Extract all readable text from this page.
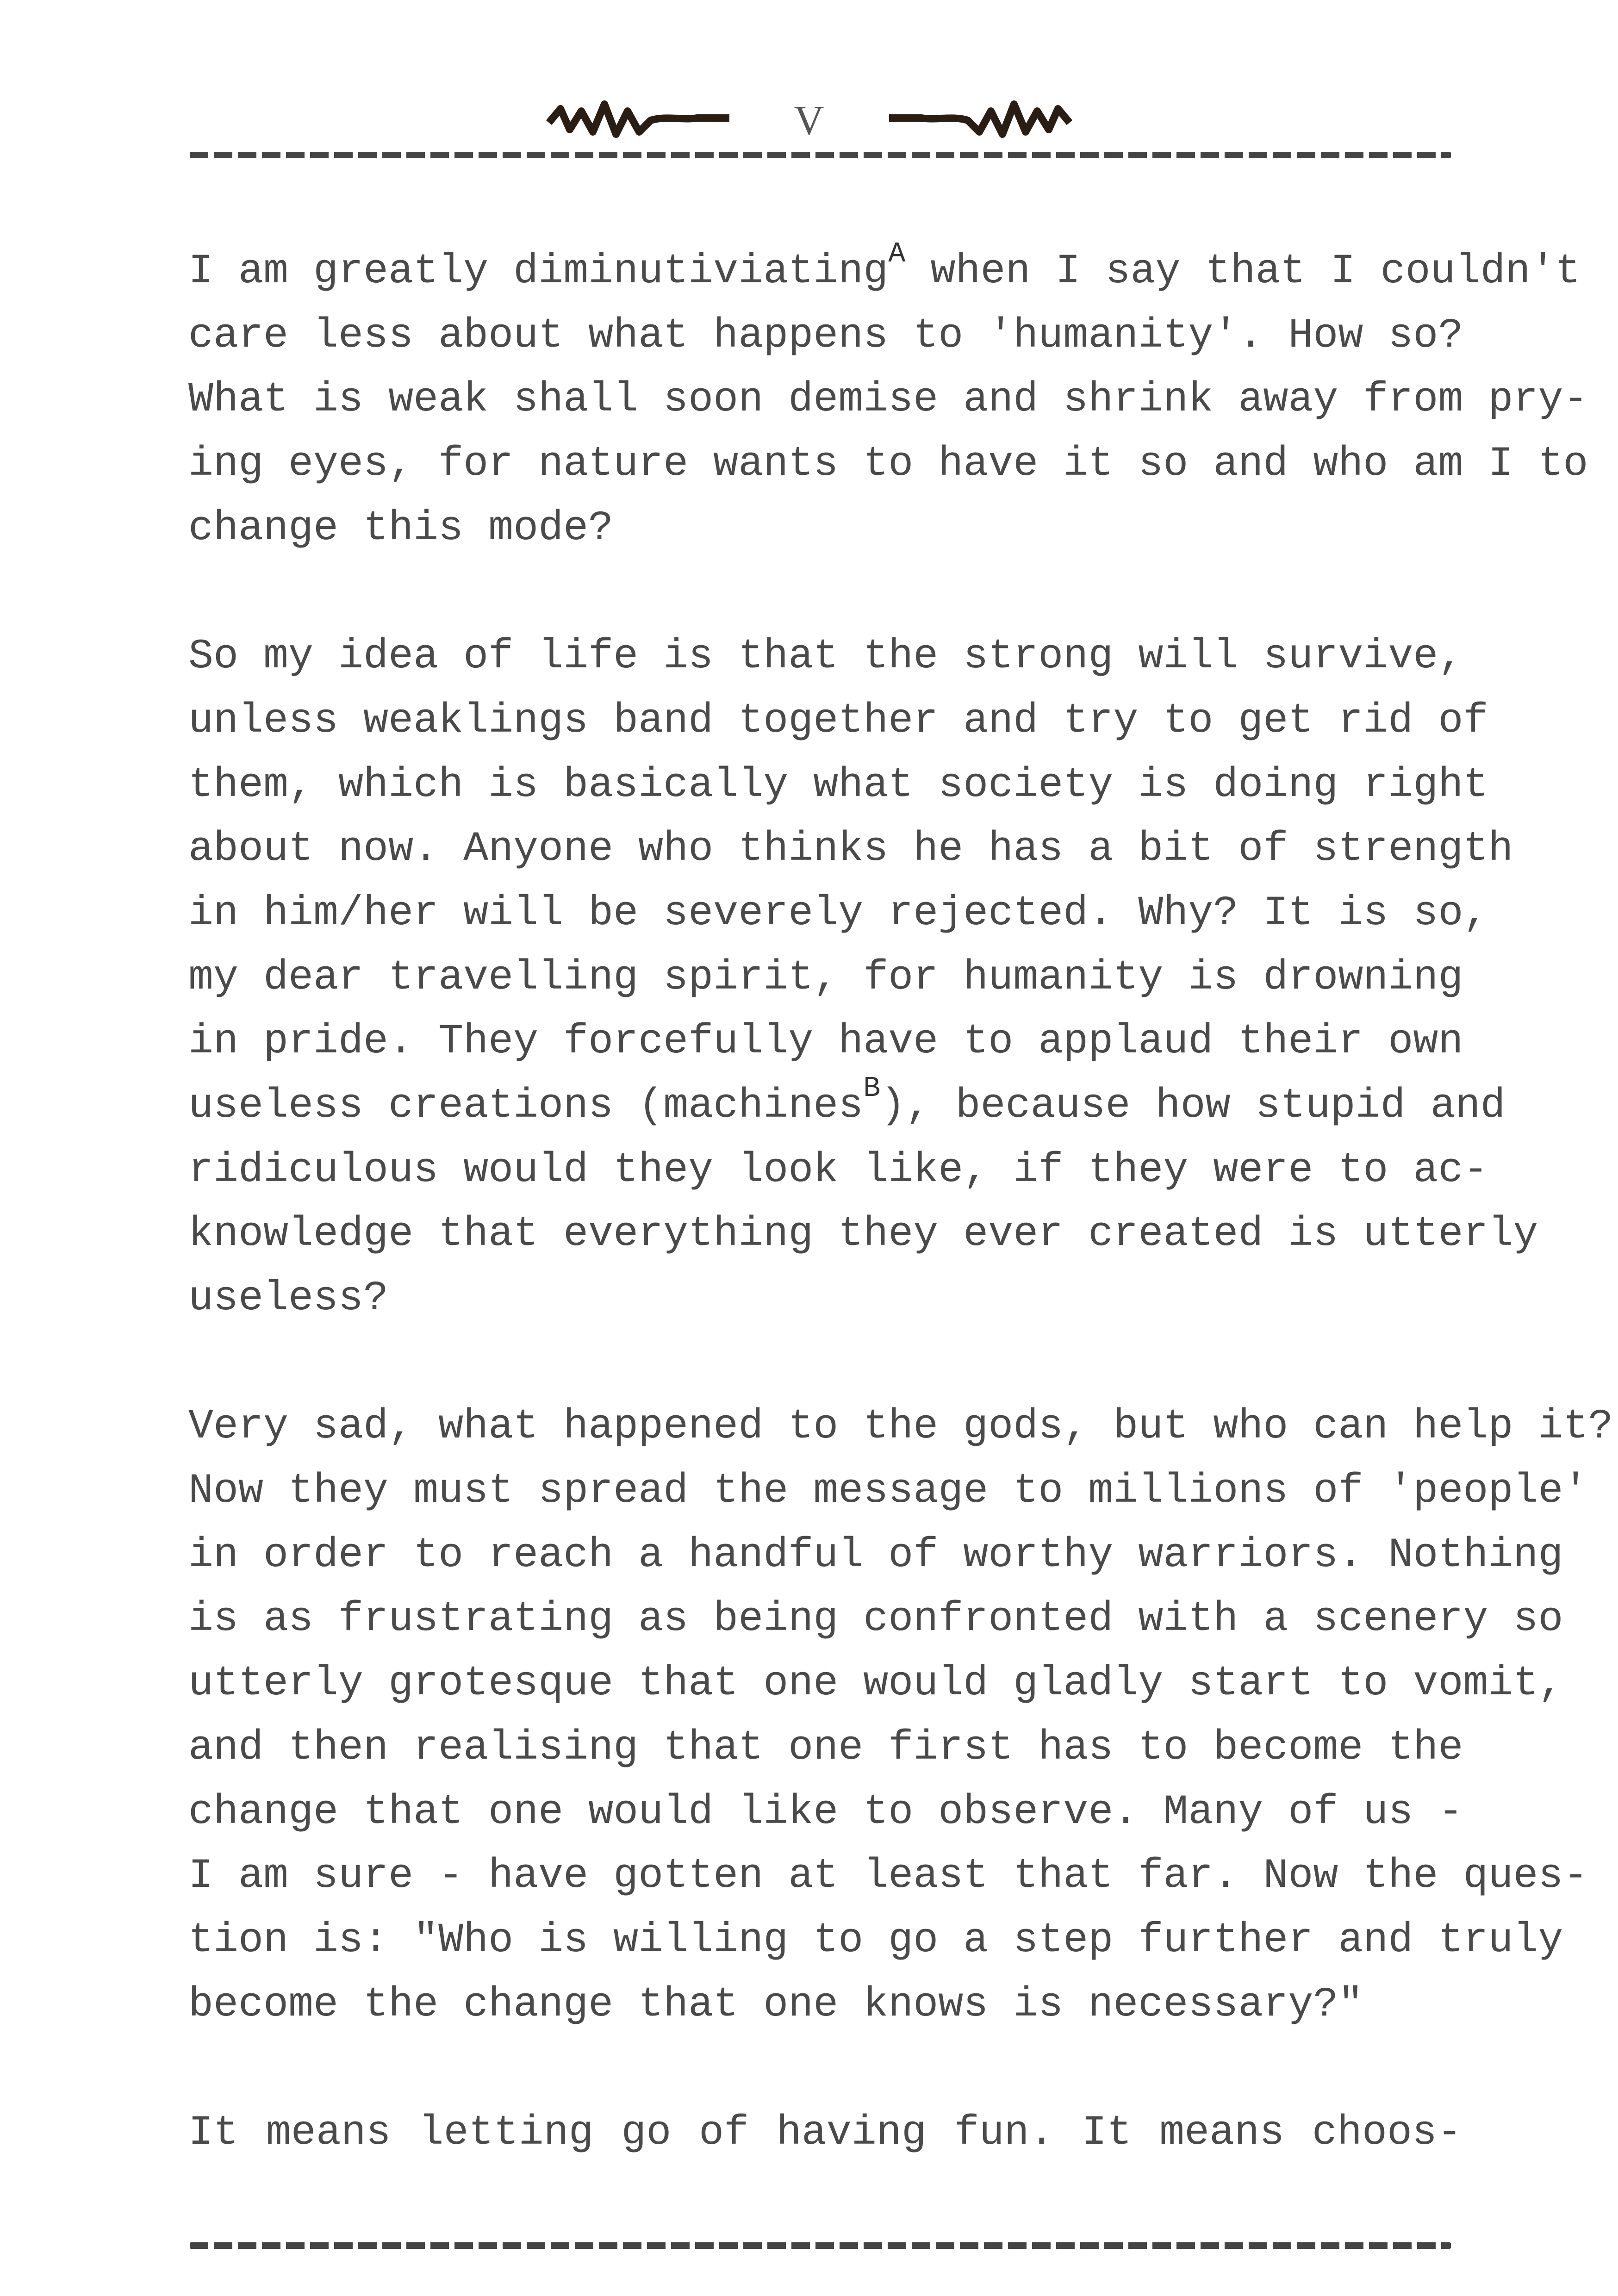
V
I am greatly diminutiviating$^A$ when I say that I couldn't
care less about what happens to 'humanity'. How so?
What is weak shall soon demise and shrink away from pry-
ing eyes, for nature wants to have it so and who am I to
change this mode?
So my idea of life is that the strong will survive,
unless weaklings band together and try to get rid of
them, which is basically what society is doing right
about now. Anyone who thinks he has a bit of strength
in him/her will be severely rejected. Why? It is so,
my dear travelling spirit, for humanity is drowning
in pride. They forcefully have to applaud their own
useless creations (machines$^B$), because how stupid and
ridiculous would they look like, if they were to ac-
knowledge that everything they ever created is utterly
useless?
Very sad, what happened to the gods, but who can help it?
Now they must spread the message to millions of 'people'
in order to reach a handful of worthy warriors. Nothing
is as frustrating as being confronted with a scenery so
utterly grotesque that one would gladly start to vomit,
and then realising that one first has to become the
change that one would like to observe. Many of us -
I am sure - have gotten at least that far. Now the ques-
tion is: "Who is willing to go a step further and truly
become the change that one knows is necessary?"
It means letting go of having fun. It means choos-
